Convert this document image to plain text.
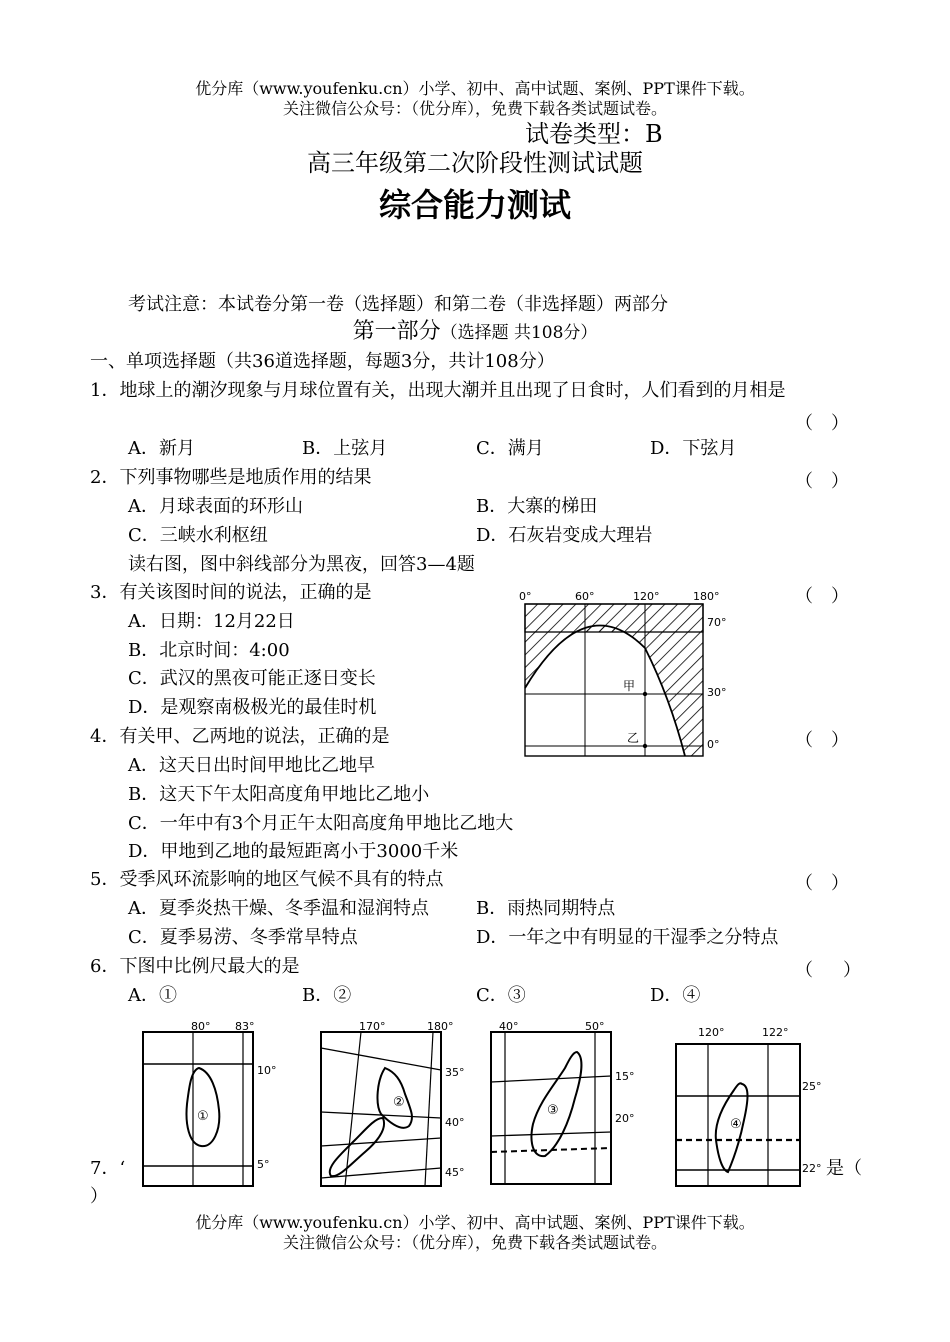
优分库（www.youfenku.cn）小学、初中、高中试题、案例、PPT课件下载。
关注微信公众号：（优分库），免费下载各类试题试卷。
试卷类型：B
高三年级第二次阶段性测试试题
综合能力测试
考试注意：本试卷分第一卷（选择题）和第二卷（非选择题）两部分
第一部分（选择题 共108分）
一、单项选择题（共36道选择题，每题3分，共计108分）
1．地球上的潮汐现象与月球位置有关，出现大潮并且出现了日食时，人们看到的月相是
（　）
A．新月	B．上弦月	C．满月	D．下弦月
2．下列事物哪些是地质作用的结果	（　）
A．月球表面的环形山	B．大寨的梯田
C．三峡水利枢纽	D．石灰岩变成大理岩
读右图，图中斜线部分为黑夜，回答3—4题
3．有关该图时间的说法，正确的是	（　）
A．日期：12月22日
B．北京时间：4:00
C．武汉的黑夜可能正逐日变长
D．是观察南极极光的最佳时机
4．有关甲、乙两地的说法，正确的是	（　）
A．这天日出时间甲地比乙地早
B．这天下午太阳高度角甲地比乙地小
C．一年中有3个月正午太阳高度角甲地比乙地大
D．甲地到乙地的最短距离小于3000千米
5．受季风环流影响的地区气候不具有的特点	（　）
A．夏季炎热干燥、冬季温和湿润特点	B．雨热同期特点
C．夏季易涝、冬季常旱特点	D．一年之中有明显的干湿季之分特点
6．下图中比例尺最大的是	（　）
A．①	B．②	C．③	D．④
7．‘	是（
）
0°	60°	120°	180°
70°
30°
0°
甲
乙
80° 83°
10°
5°
①
170°	180°
35°
40°
45°
②
40°	50°
15°
20°
③
120°	122°
25°
22°
④
优分库（www.youfenku.cn）小学、初中、高中试题、案例、PPT课件下载。
关注微信公众号：（优分库），免费下载各类试题试卷。
